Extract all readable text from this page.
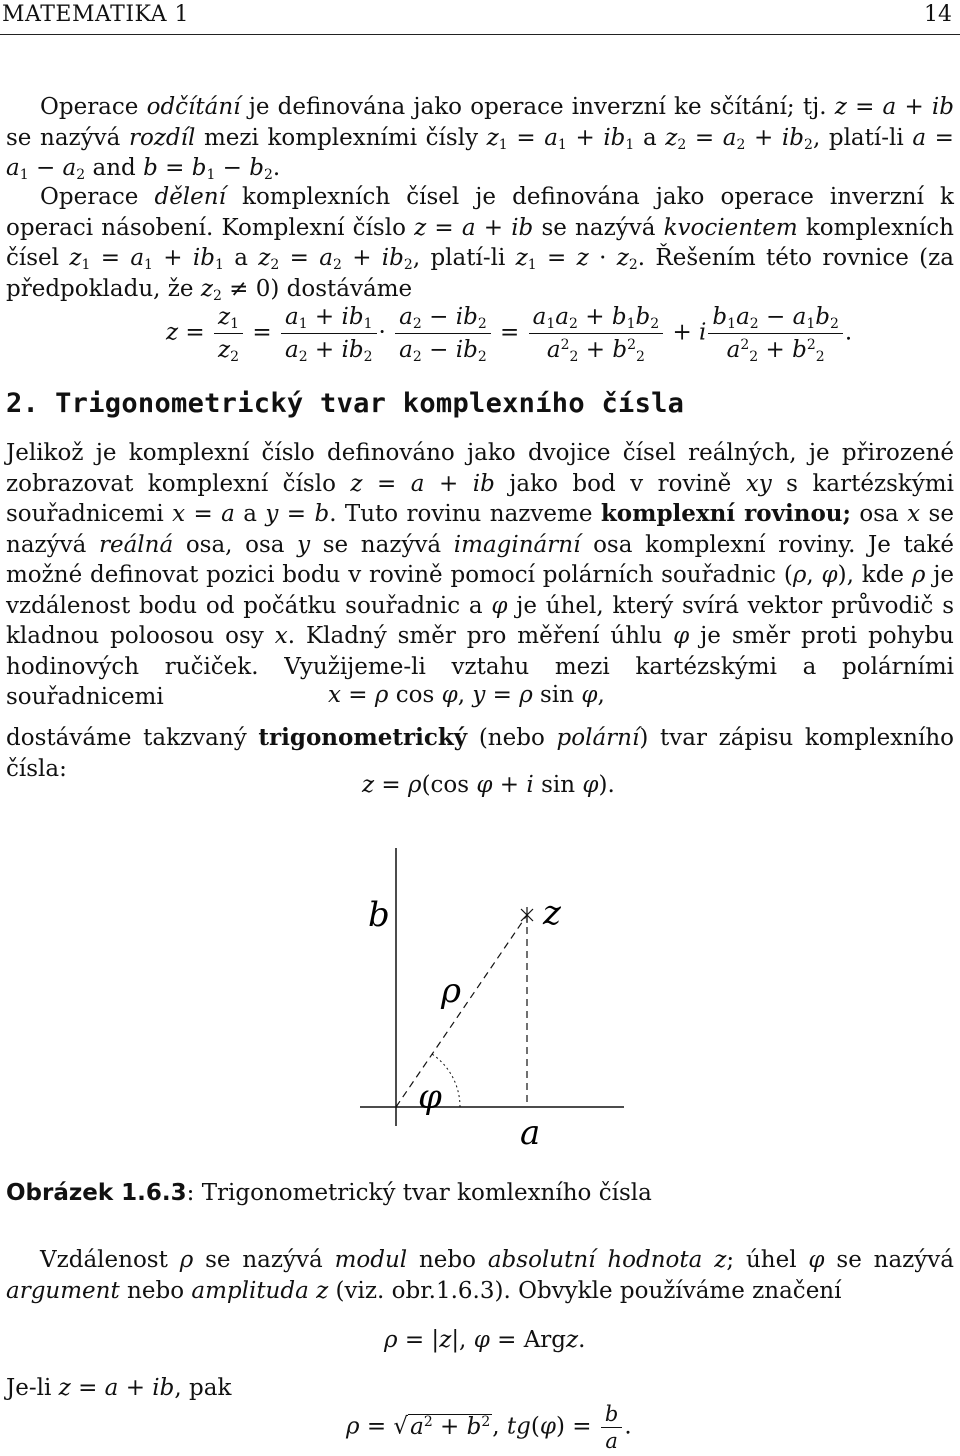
MATEMATIKA 1	14
Operace odčítání je definována jako operace inverzní ke sčítání; tj. z = a + ib se nazývá rozdíl mezi komplexními čísly $z_1 = a_1 + ib_1$ a $z_2 = a_2 + ib_2$, platí-li $a = a_1 - a_2$ and $b = b_1 - b_2$.
Operace dělení komplexních čísel je definována jako operace inverzní k operaci násobení. Komplexní číslo z = a + ib se nazývá kvocientem komplexních čísel $z_1 = a_1 + ib_1$ a $z_2 = a_2 + ib_2$, platí-li $z_1 = z \cdot z_2$. Řešením této rovnice (za předpokladu, že $z_2 \ne 0$) dostáváme
$z = \frac{z_1}{z_2} = \frac{a_1 + ib_1}{a_2 + ib_2} \cdot \frac{a_2 - ib_2}{a_2 - ib_2} = \frac{a_1a_2 + b_1b_2}{a^2_2 + b^2_2} + i \frac{b_1a_2 - a_1b_2}{a^2_2 + b^2_2}$ .
2. Trigonometrický tvar komplexního čísla
Jelikož je komplexní číslo definováno jako dvojice čísel reálných, je přirozené zobrazovat komplexní číslo z = a + ib jako bod v rovině xy s kartézskými souřadnicemi x = a a y = b. Tuto rovinu nazveme komplexní rovinou; osa x se nazývá reálná osa, osa y se nazývá imaginární osa komplexní roviny. Je také možné definovat pozici bodu v rovině pomocí polárních souřadnic (ρ, φ), kde ρ je vzdálenost bodu od počátku souřadnic a φ je úhel, který svírá vektor průvodič s kladnou poloosou osy x. Kladný směr pro měření úhlu φ je směr proti pohybu hodinových ručiček. Využijeme-li vztahu mezi kartézskými a polárními souřadnicemi	x = ρ cos φ, y = ρ sin φ,
dostáváme takzvaný trigonometrický (nebo polární) tvar zápisu komplexního čísla:
z = ρ(cos φ + i sin φ).
b	z
ρ
φ
a
Obrázek 1.6.3: Trigonometrický tvar komlexního čísla
Vzdálenost ρ se nazývá modul nebo absolutní hodnota z; úhel φ se nazývá argument nebo amplituda z (viz. obr.1.6.3). Obvykle používáme značení
ρ = |z|, φ = Argz.
Je-li z = a + ib, pak
$\rho = √a^2 + b^2$, $tg(\varphi) = \frac{b}{a}$ .
